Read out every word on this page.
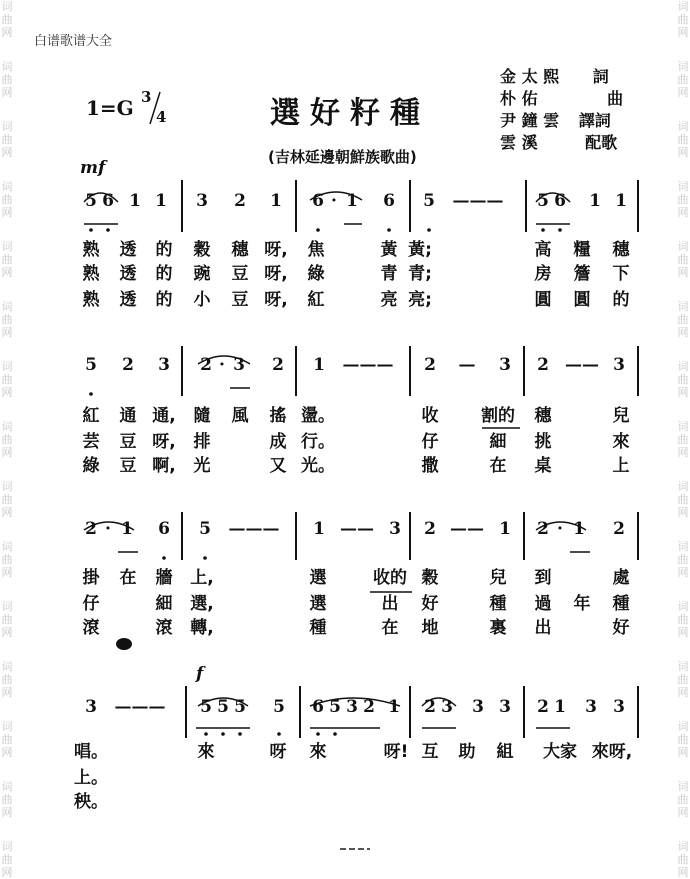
词
曲
网
词
曲
网
词
曲
网
词
曲
网
词
曲
网
词
曲
网
词
曲
网
词
曲
网
词
曲
网
词
曲
网
词
曲
网
词
曲
网
词
曲
网
词
曲
网
词
曲
网
词
曲
网
词
曲
网
词
曲
网
词
曲
网
词
曲
网
词
曲
网
词
曲
网
词
曲
网
词
曲
网
词
曲
网
词
曲
网
词
曲
网
词
曲
网
词
曲
网
词
曲
网
白谱歌谱大全
1=G 3
4	選好籽種
(吉林延邊朝鮮族歌曲)
金 太 熙 詞
朴 佑	曲
尹 鐘 雲 譯詞
雲 溪	配歌
mf
f
5 6 1 1 3 2 1 6 · 1 6 5 ——— 5 6 1 1
熟 透 的 穀 穗 呀, 焦	黃 黃;	高 糧 穗
熟 透 的 豌 豆 呀, 綠	青 青;	房 簷 下
熟 透 的 小 豆 呀, 紅	亮 亮;	圓 圓 的
5 2 3 2 · 3 2 1 ——— 2 — 3 2 —— 3
紅 通 通, 隨 風 搖 盪。	收	割的 穗	兒
芸 豆 呀, 排	成 行。	仔	細 挑	來
綠 豆 啊, 光	又 光。	撒	在 桌	上
2 · 1 6 5 ——— 1 —— 3 2 —— 1 2 · 1 2
掛 在 牆 上,	選	收的 穀	兒 到	處
仔	細 選,	選	出 好	種 過 年 種
滾	滾 轉,	種	在 地	裏 出	好
3 ——— 5 5 5 5 6 5 3 2 1 2 3 3 3 2 1 3 3
唱。	來	呀 來	呀! 互 助 組 大家 來呀,
上。
秧。
